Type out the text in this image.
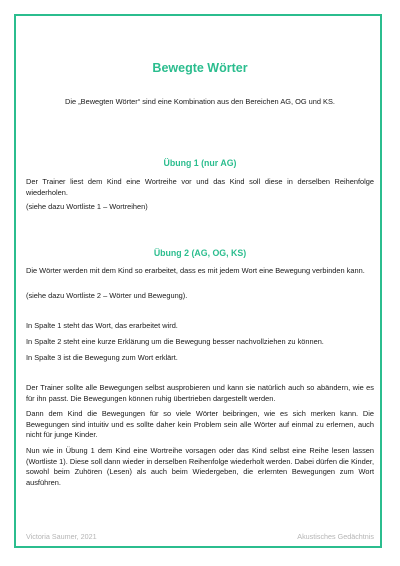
Bewegte Wörter
Die „Bewegten Wörter“ sind eine Kombination aus den Bereichen AG, OG und KS.
Übung 1 (nur AG)

Der Trainer liest dem Kind eine Wortreihe vor und das Kind soll diese in derselben Reihenfolge wiederholen.

(siehe dazu Wortliste 1 – Wortreihen)

Übung 2 (AG, OG, KS)

Die Wörter werden mit dem Kind so erarbeitet, dass es mit jedem Wort eine Bewegung verbinden kann.

(siehe dazu Wortliste 2 – Wörter und Bewegung).

In Spalte 1 steht das Wort, das erarbeitet wird.

In Spalte 2 steht eine kurze Erklärung um die Bewegung besser nachvollziehen zu können.

In Spalte 3 ist die Bewegung zum Wort erklärt.

Der Trainer sollte alle Bewegungen selbst ausprobieren und kann sie natürlich auch so abändern, wie es für ihn passt. Die Bewegungen können ruhig übertrieben dargestellt werden.

Dann dem Kind die Bewegungen für so viele Wörter beibringen, wie es sich merken kann. Die Bewegungen sind intuitiv und es sollte daher kein Problem sein alle Wörter auf einmal zu erlernen, auch nicht für junge Kinder.

Nun wie in Übung 1 dem Kind eine Wortreihe vorsagen oder das Kind selbst eine Reihe lesen lassen (Wortliste 1). Diese soll dann wieder in derselben Reihenfolge wiederholt werden. Dabei dürfen die Kinder, sowohl beim Zuhören (Lesen) als auch beim Wiedergeben, die erlernten Bewegungen zum Wort ausführen.

Victoria Saumer, 2021	Akustisches Gedächtnis
